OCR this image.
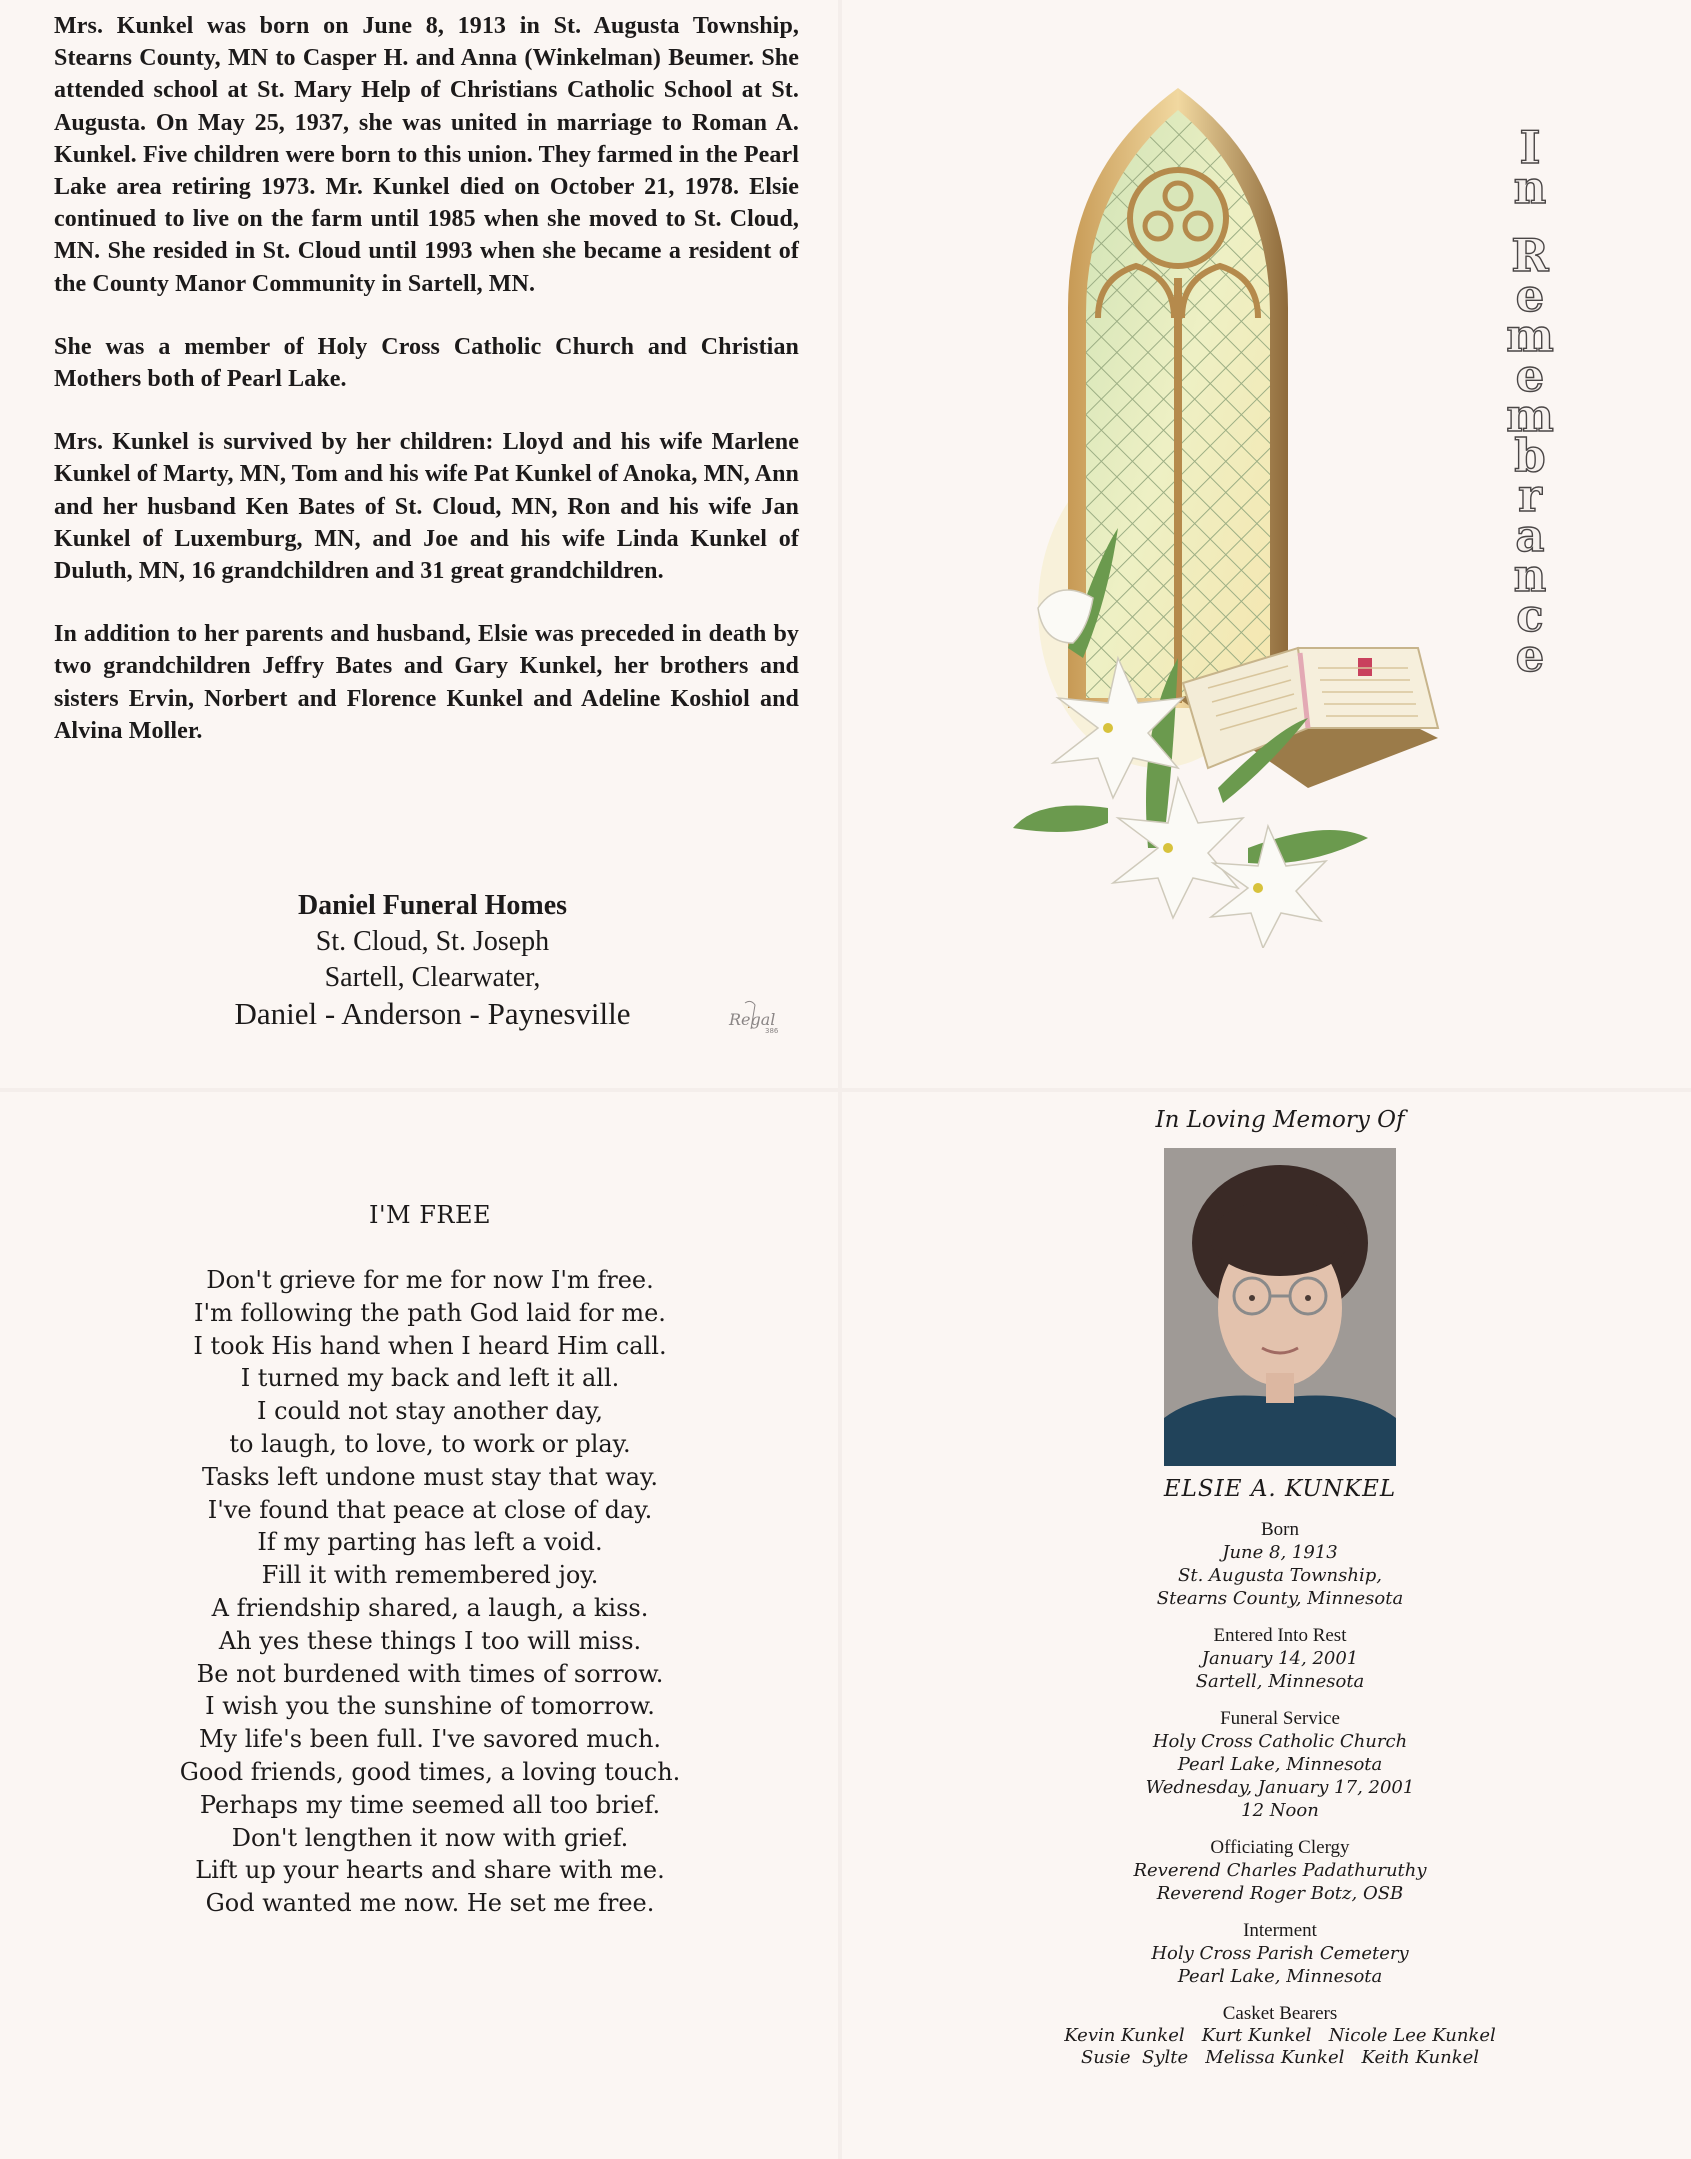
Mrs. Kunkel was born on June 8, 1913 in St. Augusta Township, Stearns County, MN to Casper H. and Anna (Winkelman) Beumer. She attended school at St. Mary Help of Christians Catholic School at St. Augusta. On May 25, 1937, she was united in marriage to Roman A. Kunkel. Five children were born to this union. They farmed in the Pearl Lake area retiring 1973. Mr. Kunkel died on October 21, 1978. Elsie continued to live on the farm until 1985 when she moved to St. Cloud, MN. She resided in St. Cloud until 1993 when she became a resident of the County Manor Community in Sartell, MN.

She was a member of Holy Cross Catholic Church and Christian Mothers both of Pearl Lake.

Mrs. Kunkel is survived by her children: Lloyd and his wife Marlene Kunkel of Marty, MN, Tom and his wife Pat Kunkel of Anoka, MN, Ann and her husband Ken Bates of St. Cloud, MN, Ron and his wife Jan Kunkel of Luxemburg, MN, and Joe and his wife Linda Kunkel of Duluth, MN, 16 grandchildren and 31 great grandchildren.

In addition to her parents and husband, Elsie was preceded in death by two grandchildren Jeffry Bates and Gary Kunkel, her brothers and sisters Ervin, Norbert and Florence Kunkel and Adeline Koshiol and Alvina Moller.

Daniel Funeral Homes
St. Cloud, St. Joseph
Sartell, Clearwater,
Daniel - Anderson - Paynesville	Regal
386
I
n
R
e
m
e
m
b
r
a
n
c
e
I'M FREE
Don't grieve for me for now I'm free.
I'm following the path God laid for me.
I took His hand when I heard Him call.
I turned my back and left it all.
I could not stay another day,
to laugh, to love, to work or play.
Tasks left undone must stay that way.
I've found that peace at close of day.
If my parting has left a void.
Fill it with remembered joy.
A friendship shared, a laugh, a kiss.
Ah yes these things I too will miss.
Be not burdened with times of sorrow.
I wish you the sunshine of tomorrow.
My life's been full. I've savored much.
Good friends, good times, a loving touch.
Perhaps my time seemed all too brief.
Don't lengthen it now with grief.
Lift up your hearts and share with me.
God wanted me now. He set me free.
In Loving Memory Of
ELSIE A. KUNKEL
Born
June 8, 1913
St. Augusta Township,
Stearns County, Minnesota
Entered Into Rest
January 14, 2001
Sartell, Minnesota
Funeral Service
Holy Cross Catholic Church
Pearl Lake, Minnesota
Wednesday, January 17, 2001
12 Noon
Officiating Clergy
Reverend Charles Padathuruthy
Reverend Roger Botz, OSB
Interment
Holy Cross Parish Cemetery
Pearl Lake, Minnesota
Casket Bearers
Kevin Kunkel   Kurt Kunkel   Nicole Lee Kunkel
Susie  Sylte   Melissa Kunkel   Keith Kunkel
